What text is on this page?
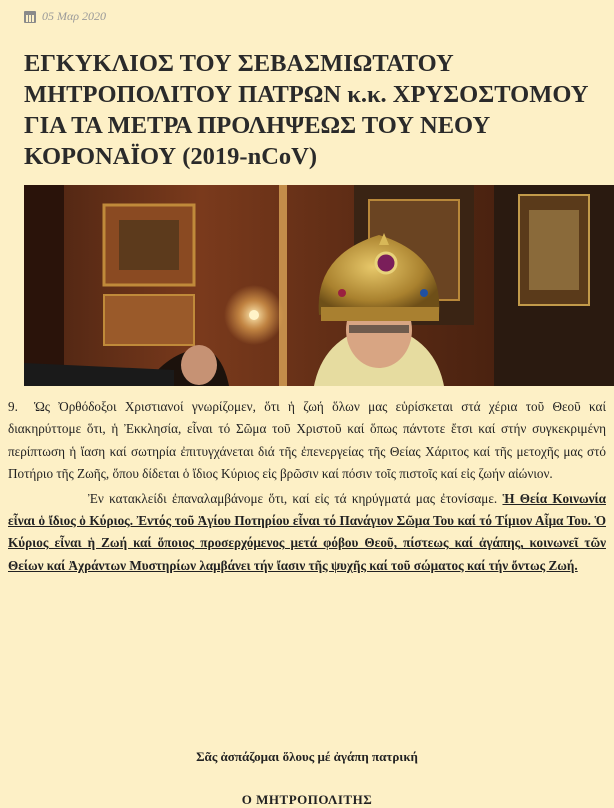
05 Μαρ 2020
ΕΓΚΥΚΛΙΟΣ ΤΟΥ ΣΕΒΑΣΜΙΩΤΑΤΟΥ
ΜΗΤΡΟΠΟΛΙΤΟΥ ΠΑΤΡΩΝ κ.κ. ΧΡΥΣΟΣΤΟΜΟΥ
ΓΙΑ ΤΑ ΜΕΤΡΑ ΠΡΟΛΗΨΕΩΣ ΤΟΥ ΝΕΟΥ
ΚΟΡΟΝΑΪΟΥ (2019-nCoV)

9. Ὡς Ὀρθόδοξοι Χριστιανοί γνωρίζομεν, ὅτι ἡ ζωή ὅλων μας εὑρίσκεται στά χέρια τοῦ Θεοῦ καί διακηρύττομε ὅτι, ἡ Ἐκκλησία, εἶναι τό Σῶμα τοῦ Χριστοῦ καί ὅπως πάντοτε ἔτσι καί στήν συγκεκριμένη περίπτωση ἡ ἴαση καί σωτηρία ἐπιτυγχάνεται διά τῆς ἐπενεργείας τῆς Θείας Χάριτος καί τῆς μετοχῆς μας στό Ποτήριο τῆς Ζωῆς, ὅπου δίδεται ὁ ἴδιος Κύριος εἰς βρῶσιν καί πόσιν τοῖς πιστοῖς καί εἰς ζωήν αἰώνιον.

Ἐν κατακλείδι ἐπαναλαμβάνομε ὅτι, καί εἰς τά κηρύγματά μας ἐτονίσαμε. Ἡ Θεία Κοινωνία εἶναι ὁ ἴδιος ὁ Κύριος. Ἐντός τοῦ Ἁγίου Ποτηρίου εἶναι τό Πανάγιον Σῶμα Του καί τό Τίμιον Αἷμα Του. Ὁ Κύριος εἶναι ἡ Ζωή καί ὅποιος προσερχόμενος μετά φόβου Θεοῦ, πίστεως καί ἀγάπης, κοινωνεῖ τῶν Θείων καί Ἀχράντων Μυστηρίων λαμβάνει τήν ἴασιν τῆς ψυχῆς καί τοῦ σώματος καί τήν ὄντως Ζωή.

Σᾶς ἀσπάζομαι ὅλους μέ ἀγάπη πατρική
Ο ΜΗΤΡΟΠΟΛΙΤΗΣ
